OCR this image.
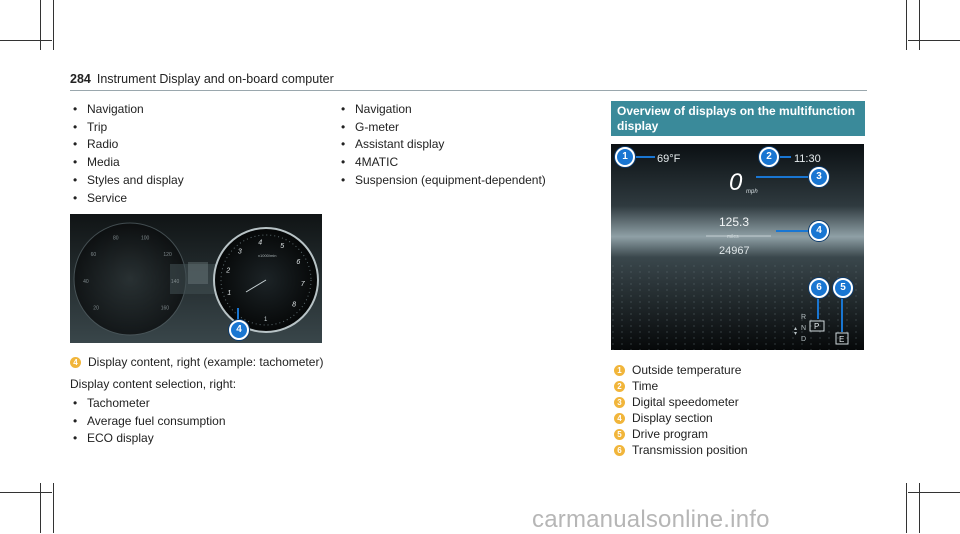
284 Instrument Display and on-board computer
• Navigation
• Trip
• Radio
• Media
• Styles and display
• Service
• Navigation
• G-meter
• Assistant display
• 4MATIC
• Suspension (equipment-dependent)
1
x1000/min
20
40
60
80	100
120
140
160
1
2
3
4
5
6
7
8
4
4 Display content, right (example: tachometer)
Display content selection, right:
• Tachometer
• Average fuel consumption
• ECO display
Overview of displays on the multifunction
display
69°F	11:30
0 mph
125.3
miles
24967
R
N
D
▴
▾
P
E
1	2
3
4
5
6
1 Outside temperature
2 Time
3 Digital speedometer
4 Display section
5 Drive program
6 Transmission position
carmanualsonline.info
